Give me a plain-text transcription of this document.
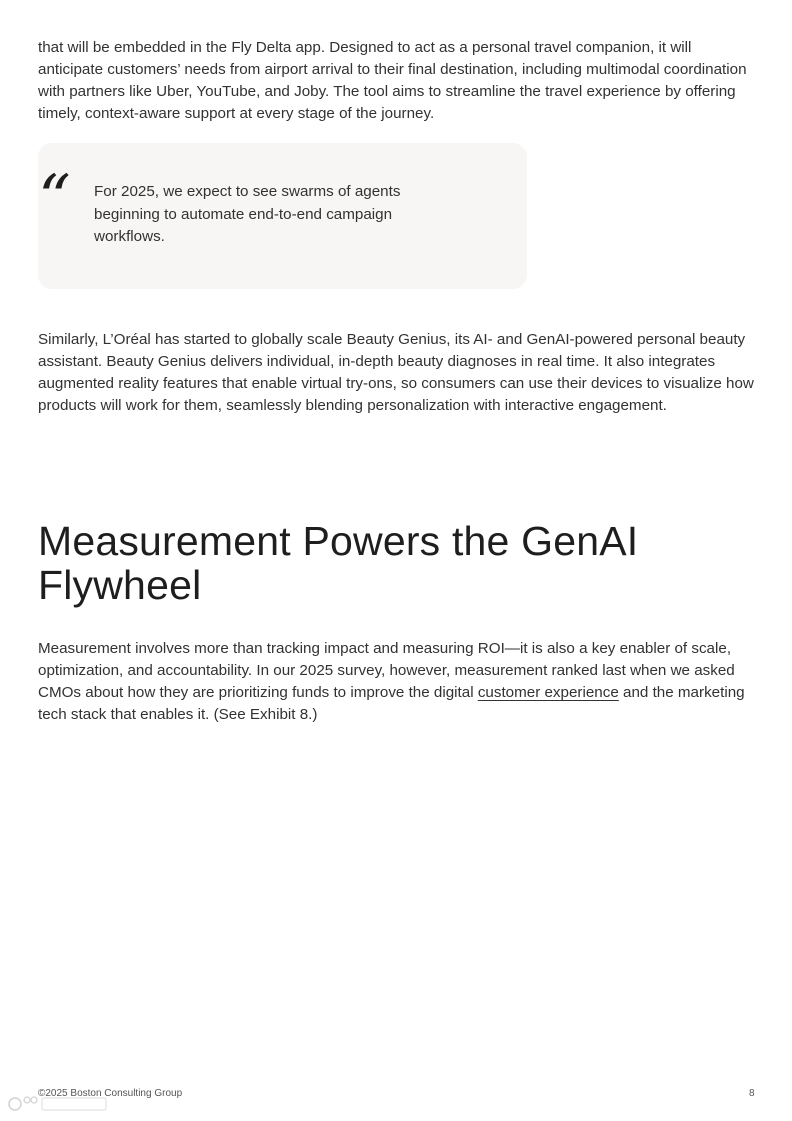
that will be embedded in the Fly Delta app. Designed to act as a personal travel companion, it will anticipate customers’ needs from airport arrival to their final destination, including multimodal coordination with partners like Uber, YouTube, and Joby. The tool aims to streamline the travel experience by offering timely, context-aware support at every stage of the journey.

“ For 2025, we expect to see swarms of agents beginning to automate end-to-end campaign workflows.

Similarly, L’Oréal has started to globally scale Beauty Genius, its AI- and GenAI-powered personal beauty assistant. Beauty Genius delivers individual, in-depth beauty diagnoses in real time. It also integrates augmented reality features that enable virtual try-ons, so consumers can use their devices to visualize how products will work for them, seamlessly blending personalization with interactive engagement.

Measurement Powers the GenAI Flywheel

Measurement involves more than tracking impact and measuring ROI—it is also a key enabler of scale, optimization, and accountability. In our 2025 survey, however, measurement ranked last when we asked CMOs about how they are prioritizing funds to improve the digital customer experience and the marketing tech stack that enables it. (See Exhibit 8.)

©2025 Boston Consulting Group	8
